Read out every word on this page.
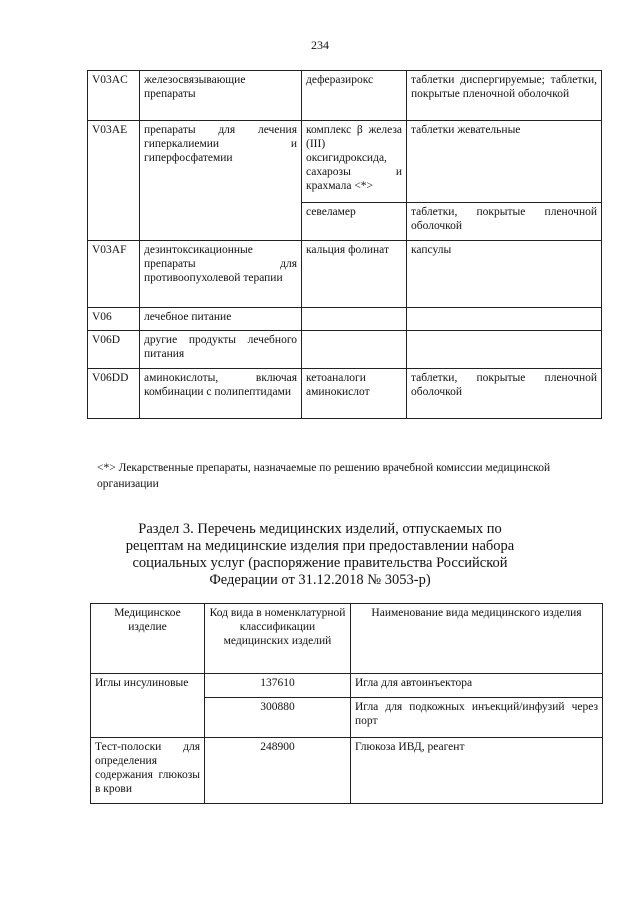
234
V03AC	железосвязывающие препараты	деферазирокс	таблетки диспергируемые; таблетки, покрытые пленочной оболочкой
V03AE	препараты для лечения гиперкалиемии и гиперфосфатемии	комплекс β железа (III) оксигидроксида, сахарозы и крахмала <*>	таблетки жевательные
		севеламер	таблетки, покрытые пленочной оболочкой
V03AF	дезинтоксикационные препараты для противоопухолевой терапии	кальция фолинат	капсулы
V06	лечебное питание		
V06D	другие продукты лечебного питания		
V06DD	аминокислоты, включая комбинации с полипептидами	кетоаналоги аминокислот	таблетки, покрытые пленочной оболочкой
<*> Лекарственные препараты, назначаемые по решению врачебной комиссии медицинской организации
Раздел 3. Перечень медицинских изделий, отпускаемых по рецептам на медицинские изделия при предоставлении набора социальных услуг (распоряжение правительства Российской Федерации от 31.12.2018 № 3053-р)
Медицинское изделие	Код вида в номенклатурной классификации медицинских изделий	Наименование вида медицинского изделия
Иглы инсулиновые	137610	Игла для автоинъектора
	300880	Игла для подкожных инъекций/инфузий через порт
Тест-полоски для определения содержания глюкозы в крови	248900	Глюкоза ИВД, реагент
